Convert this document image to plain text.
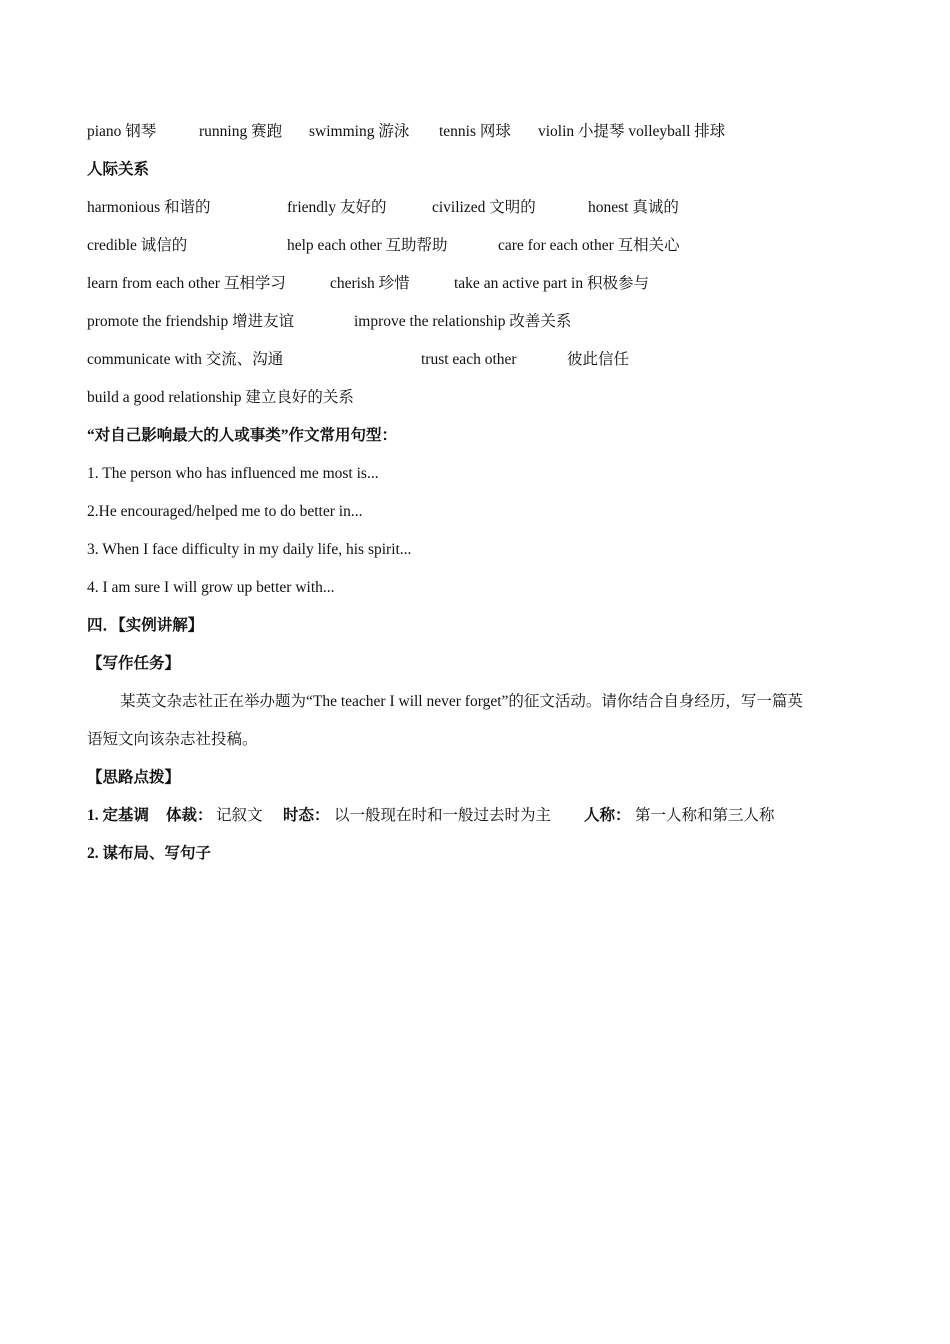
piano 钢琴	running 赛跑 swimming 游泳 tennis 网球 violin 小提琴 volleyball 排球
人际关系
harmonious 和谐的	friendly 友好的	civilized 文明的	honest 真诚的
credible 诚信的	help each other 互助帮助	care for each other 互相关心
learn from each other 互相学习	cherish 珍惜	take an active part in 积极参与
promote the friendship 增进友谊	improve the relationship 改善关系
communicate with 交流、沟通	trust each other	彼此信任
build a good relationship 建立良好的关系
“对自己影响最大的人或事类”作文常用句型：
1. The person who has influenced me most is...
2.He encouraged/helped me to do better in...
3. When I face difficulty in my daily life, his spirit...
4. I am sure I will grow up better with...
四．【实例讲解】
【写作任务】
某英文杂志社正在举办题为“The teacher I will never forget”的征文活动。请你结合自身经历，写一篇英
语短文向该杂志社投稿。
【思路点拨】
1. 定基调 体裁： 记叙文 时态： 以一般现在时和一般过去时为主 人称： 第一人称和第三人称
2. 谋布局、写句子
